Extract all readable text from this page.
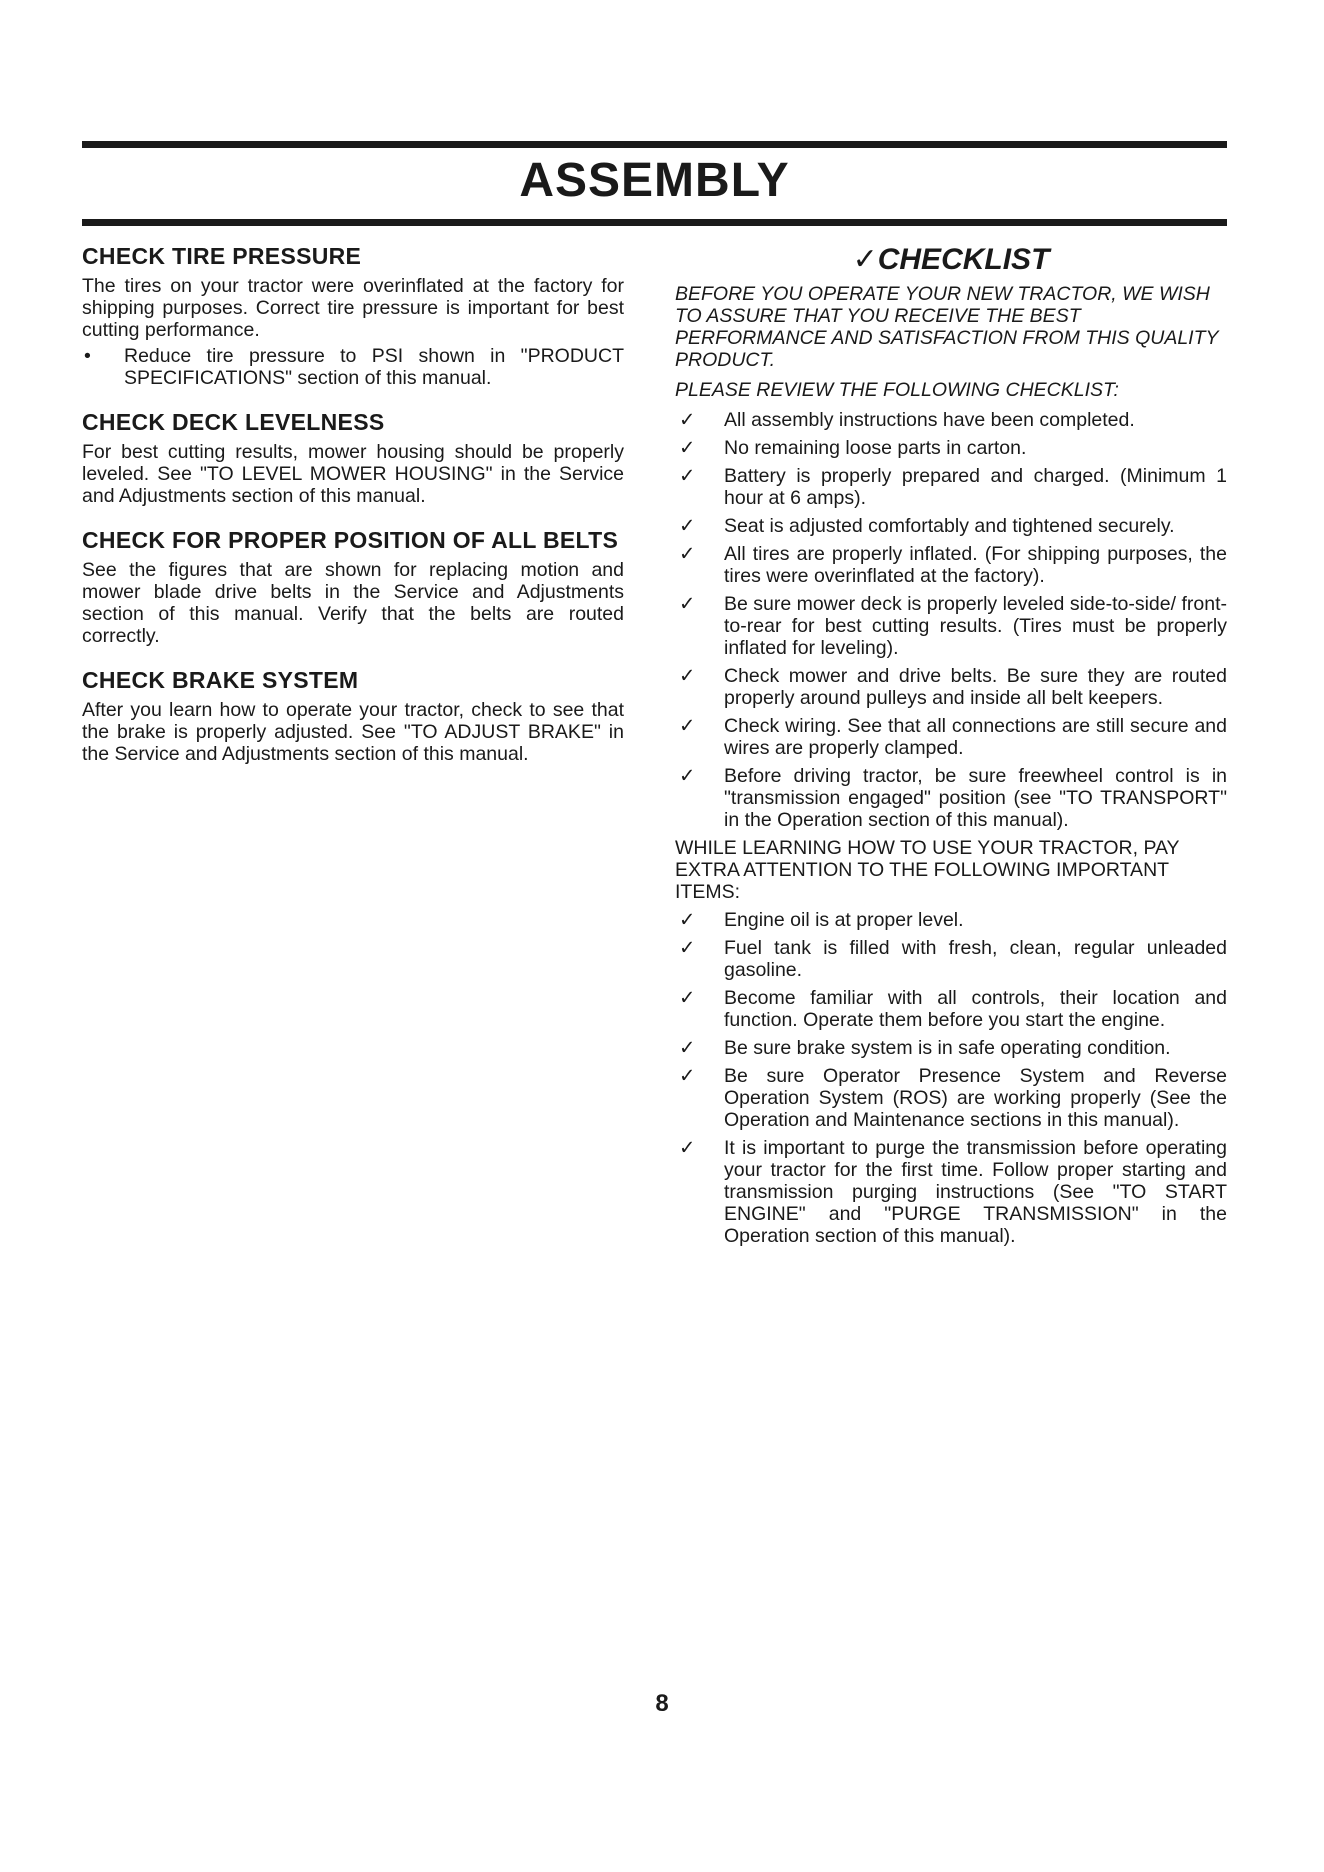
ASSEMBLY
CHECK TIRE PRESSURE

The tires on your tractor were overinflated at the factory for shipping purposes. Correct tire pressure is important for best cutting performance.

•	Reduce tire pressure to PSI shown in "PRODUCT SPECIFICATIONS" section of this manual.
CHECK DECK LEVELNESS

For best cutting results, mower housing should be properly leveled. See "TO LEVEL MOWER HOUSING" in the Service and Adjustments section of this manual.

CHECK FOR PROPER POSITION OF ALL BELTS

See the figures that are shown for replacing motion and mower blade drive belts in the Service and Adjustments section of this manual. Verify that the belts are routed correctly.

CHECK BRAKE SYSTEM

After you learn how to operate your tractor, check to see that the brake is properly adjusted. See "TO ADJUST BRAKE" in the Service and Adjustments section of this manual.

✓CHECKLIST

BEFORE YOU OPERATE YOUR NEW TRACTOR, WE WISH TO ASSURE THAT YOU RECEIVE THE BEST PERFORMANCE AND SATISFACTION FROM THIS QUALITY PRODUCT.

PLEASE REVIEW THE FOLLOWING CHECKLIST:

✓	All assembly instructions have been completed.
✓	No remaining loose parts in carton.
✓	Battery is properly prepared and charged. (Minimum 1 hour at 6 amps).
✓	Seat is adjusted comfortably and tightened securely.
✓	All tires are properly inflated. (For shipping purposes, the tires were overinflated at the factory).
✓	Be sure mower deck is properly leveled side-to-side/ front-to-rear for best cutting results. (Tires must be properly inflated for leveling).
✓	Check mower and drive belts. Be sure they are routed properly around pulleys and inside all belt keepers.
✓	Check wiring. See that all connections are still secure and wires are properly clamped.
✓	Before driving tractor, be sure freewheel control is in "transmission engaged" position (see "TO TRANSPORT" in the Operation section of this manual).

WHILE LEARNING HOW TO USE YOUR TRACTOR, PAY EXTRA ATTENTION TO THE FOLLOWING IMPORTANT ITEMS:

✓	Engine oil is at proper level.
✓	Fuel tank is filled with fresh, clean, regular unleaded gasoline.
✓	Become familiar with all controls, their location and function. Operate them before you start the engine.
✓	Be sure brake system is in safe operating condition.
✓	Be sure Operator Presence System and Reverse Operation System (ROS) are working properly (See the Operation and Maintenance sections in this manual).
✓	It is important to purge the transmission before operating your tractor for the first time. Follow proper starting and transmission purging instructions (See "TO START ENGINE" and "PURGE TRANSMISSION" in the Operation section of this manual).
8
